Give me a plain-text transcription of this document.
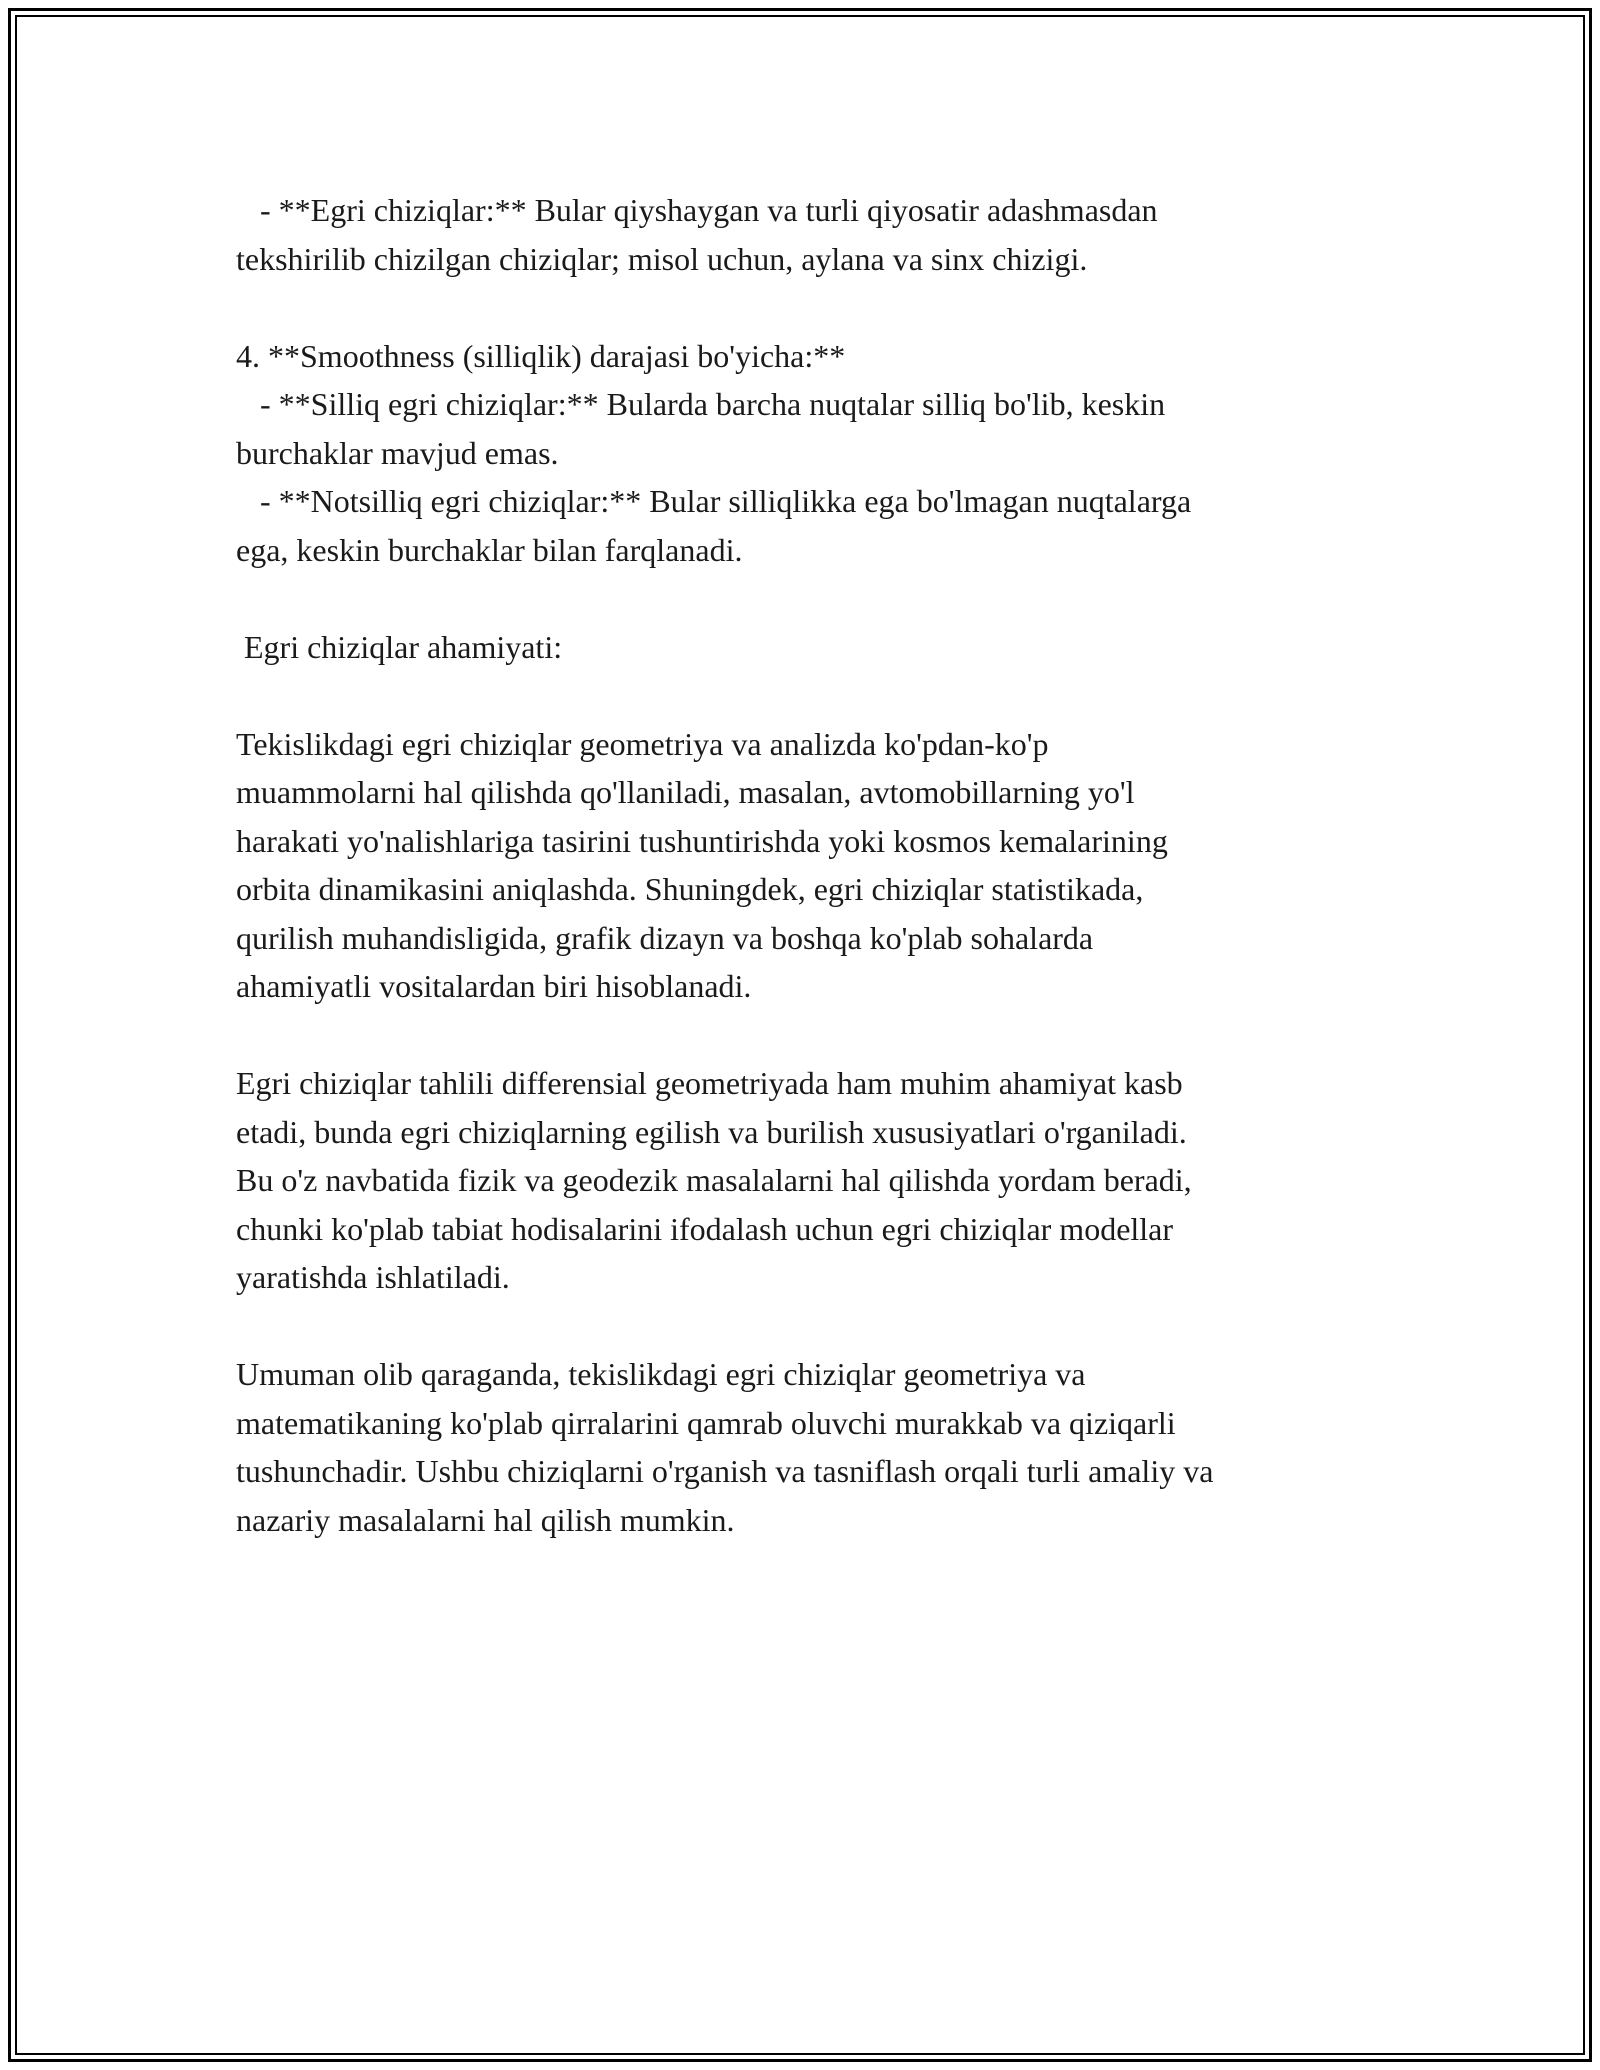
- **Egri chiziqlar:** Bular qiyshaygan va turli qiyosatir adashmasdan
tekshirilib chizilgan chiziqlar; misol uchun, aylana va sinx chizigi.
4. **Smoothness (silliqlik) darajasi bo'yicha:**
- **Silliq egri chiziqlar:** Bularda barcha nuqtalar silliq bo'lib, keskin
burchaklar mavjud emas.
- **Notsilliq egri chiziqlar:** Bular silliqlikka ega bo'lmagan nuqtalarga
ega, keskin burchaklar bilan farqlanadi.
Egri chiziqlar ahamiyati:
Tekislikdagi egri chiziqlar geometriya va analizda ko'pdan-ko'p
muammolarni hal qilishda qo'llaniladi, masalan, avtomobillarning yo'l
harakati yo'nalishlariga tasirini tushuntirishda yoki kosmos kemalarining
orbita dinamikasini aniqlashda. Shuningdek, egri chiziqlar statistikada,
qurilish muhandisligida, grafik dizayn va boshqa ko'plab sohalarda
ahamiyatli vositalardan biri hisoblanadi.
Egri chiziqlar tahlili differensial geometriyada ham muhim ahamiyat kasb
etadi, bunda egri chiziqlarning egilish va burilish xususiyatlari o'rganiladi.
Bu o'z navbatida fizik va geodezik masalalarni hal qilishda yordam beradi,
chunki ko'plab tabiat hodisalarini ifodalash uchun egri chiziqlar modellar
yaratishda ishlatiladi.
Umuman olib qaraganda, tekislikdagi egri chiziqlar geometriya va
matematikaning ko'plab qirralarini qamrab oluvchi murakkab va qiziqarli
tushunchadir. Ushbu chiziqlarni o'rganish va tasniflash orqali turli amaliy va
nazariy masalalarni hal qilish mumkin.
